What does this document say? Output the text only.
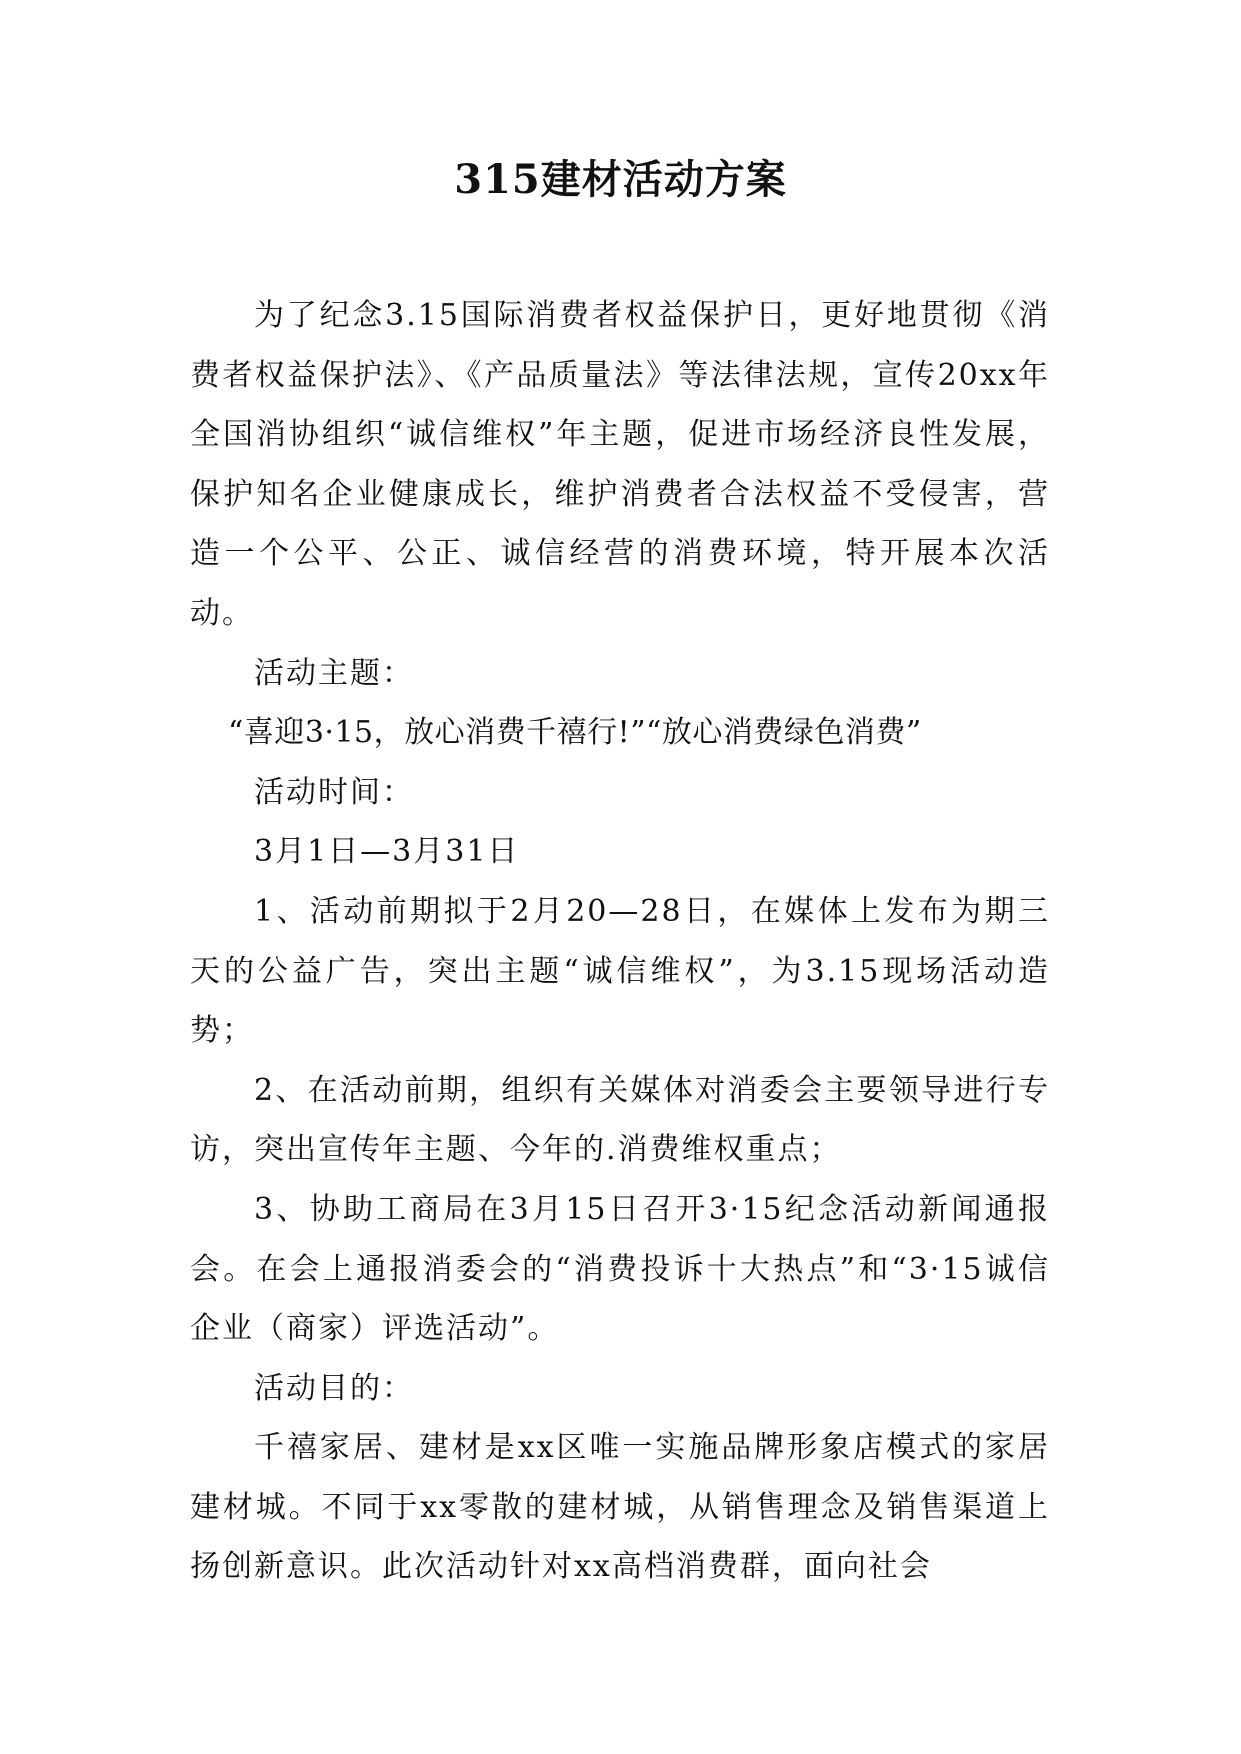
315建材活动方案

为了纪念3.15国际消费者权益保护日，更好地贯彻《消费者权益保护法》、《产品质量法》等法律法规，宣传20xx年全国消协组织“诚信维权”年主题，促进市场经济良性发展，保护知名企业健康成长，维护消费者合法权益不受侵害，营造一个公平、公正、诚信经营的消费环境，特开展本次活动。

活动主题：

“喜迎3·15，放心消费千禧行!”“放心消费绿色消费”

活动时间：

3月1日—3月31日

1、活动前期拟于2月20—28日，在媒体上发布为期三天的公益广告，突出主题“诚信维权”，为3.15现场活动造势；

2、在活动前期，组织有关媒体对消委会主要领导进行专访，突出宣传年主题、今年的.消费维权重点；

3、协助工商局在3月15日召开3·15纪念活动新闻通报会。在会上通报消委会的“消费投诉十大热点”和“3·15诚信企业（商家）评选活动”。

活动目的：

千禧家居、建材是xx区唯一实施品牌形象店模式的家居建材城。不同于xx零散的建材城，从销售理念及销售渠道上扬创新意识。此次活动针对xx高档消费群，面向社会
